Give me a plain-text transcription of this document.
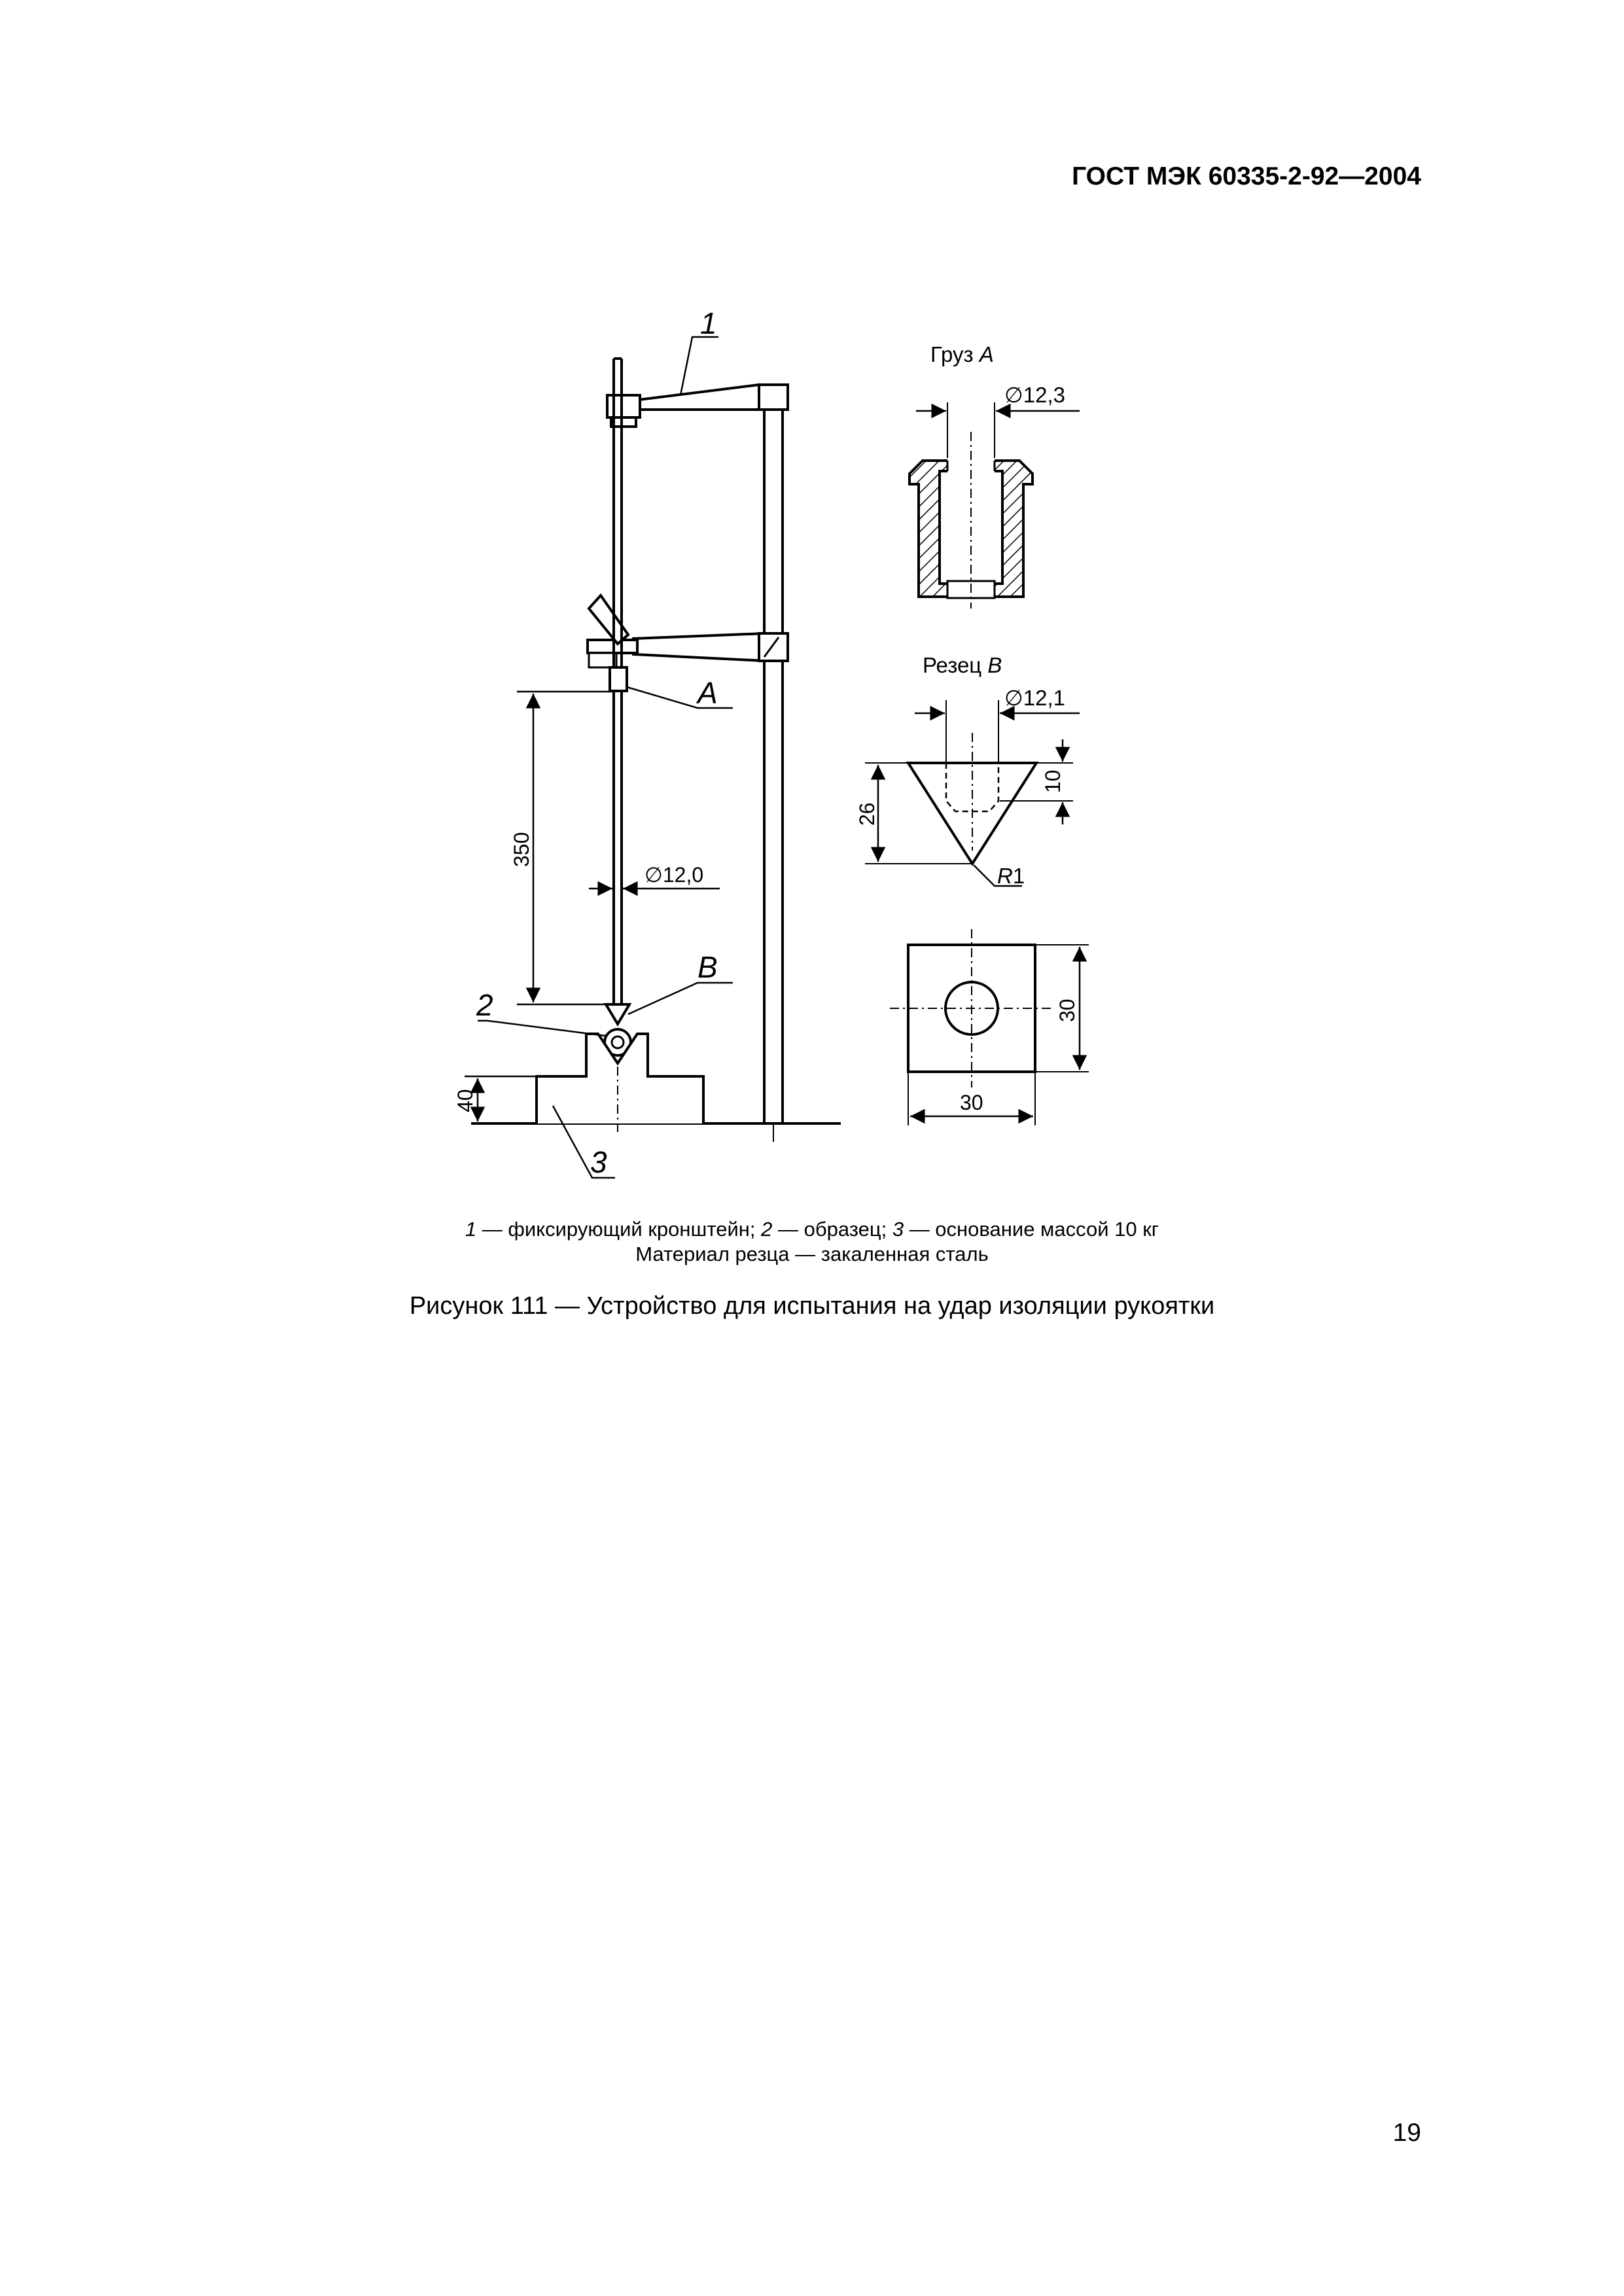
ГОСТ МЭК 60335-2-92—2004
1
A
B
2
3
350
∅12,0
40
Груз A
∅12,3
Резец B
∅12,1
10
26
R1
30
30
1 — фиксирующий кронштейн; 2 — образец; 3 — основание массой 10 кг
Материал резца — закаленная сталь
Рисунок 111 — Устройство для испытания на удар изоляции рукоятки
19
